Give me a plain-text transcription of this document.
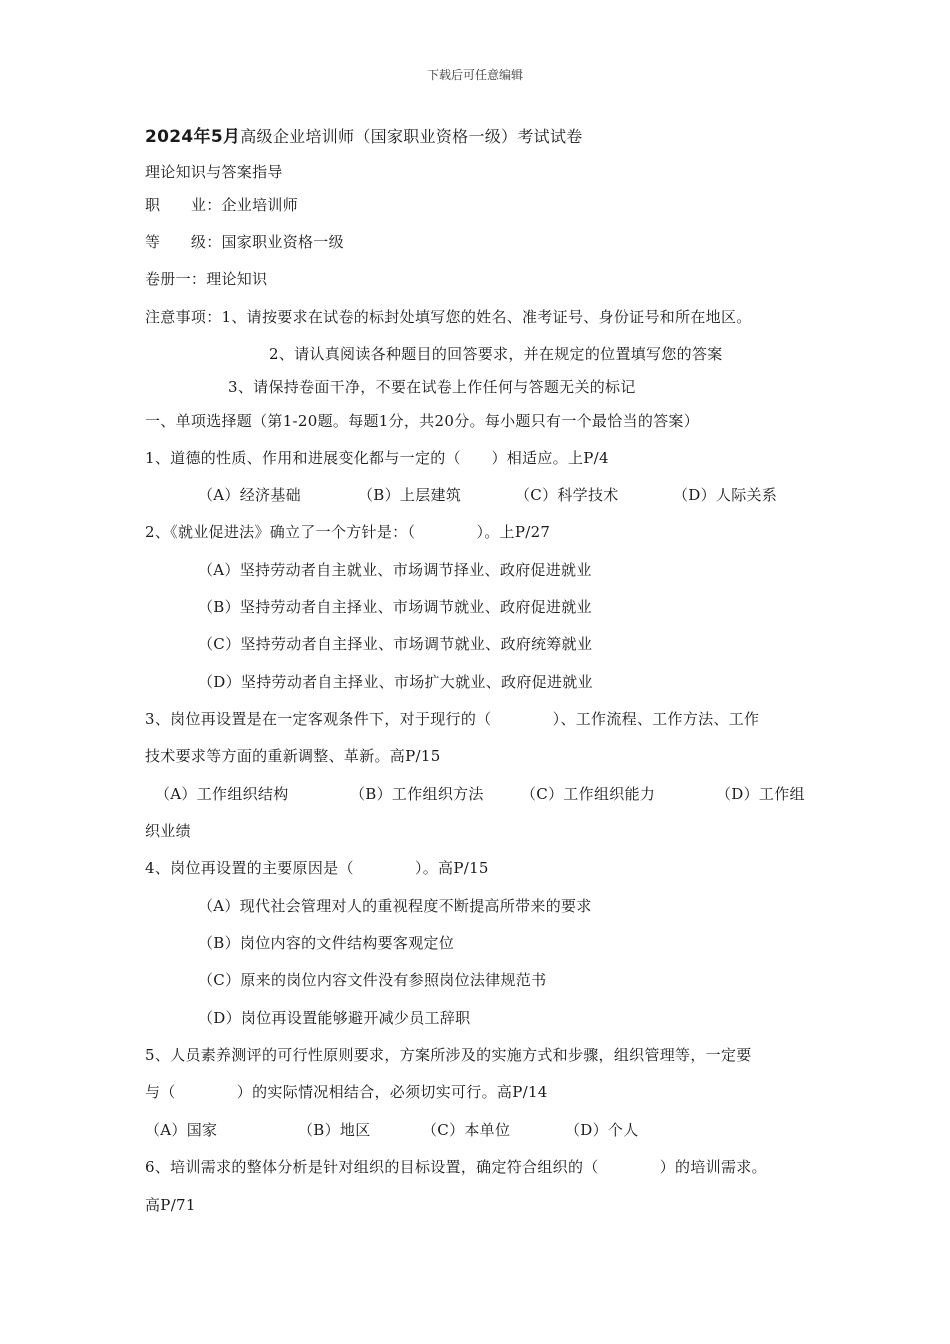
下载后可任意编辑
2024年5月高级企业培训师（国家职业资格一级）考试试卷
理论知识与答案指导
职　　业：企业培训师
等　　级：国家职业资格一级
卷册一：理论知识
注意事项：1、请按要求在试卷的标封处填写您的姓名、准考证号、身份证号和所在地区。
2、请认真阅读各种题目的回答要求，并在规定的位置填写您的答案
3、请保持卷面干净，不要在试卷上作任何与答题无关的标记
一、单项选择题（第1-20题。每题1分，共20分。每小题只有一个最恰当的答案）
1、道德的性质、作用和进展变化都与一定的（　　）相适应。上P/4
（A）经济基础	（B）上层建筑	（C）科学技术	（D）人际关系
2、《就业促进法》确立了一个方针是：（　　　　）。上P/27
（A）坚持劳动者自主就业、市场调节择业、政府促进就业
（B）坚持劳动者自主择业、市场调节就业、政府促进就业
（C）坚持劳动者自主择业、市场调节就业、政府统筹就业
（D）坚持劳动者自主择业、市场扩大就业、政府促进就业
3、岗位再设置是在一定客观条件下，对于现行的（　　　　）、工作流程、工作方法、工作
技术要求等方面的重新调整、革新。高P/15
（A）工作组织结构	（B）工作组织方法 （C）工作组织能力	（D）工作组
织业绩
4、岗位再设置的主要原因是（　　　　）。高P/15
（A）现代社会管理对人的重视程度不断提高所带来的要求
（B）岗位内容的文件结构要客观定位
（C）原来的岗位内容文件没有参照岗位法律规范书
（D）岗位再设置能够避开减少员工辞职
5、人员素养测评的可行性原则要求，方案所涉及的实施方式和步骤，组织管理等，一定要
与（　　　　）的实际情况相结合，必须切实可行。高P/14
（A）国家	（B）地区	（C）本单位	（D）个人
6、培训需求的整体分析是针对组织的目标设置，确定符合组织的（　　　　）的培训需求。
高P/71
